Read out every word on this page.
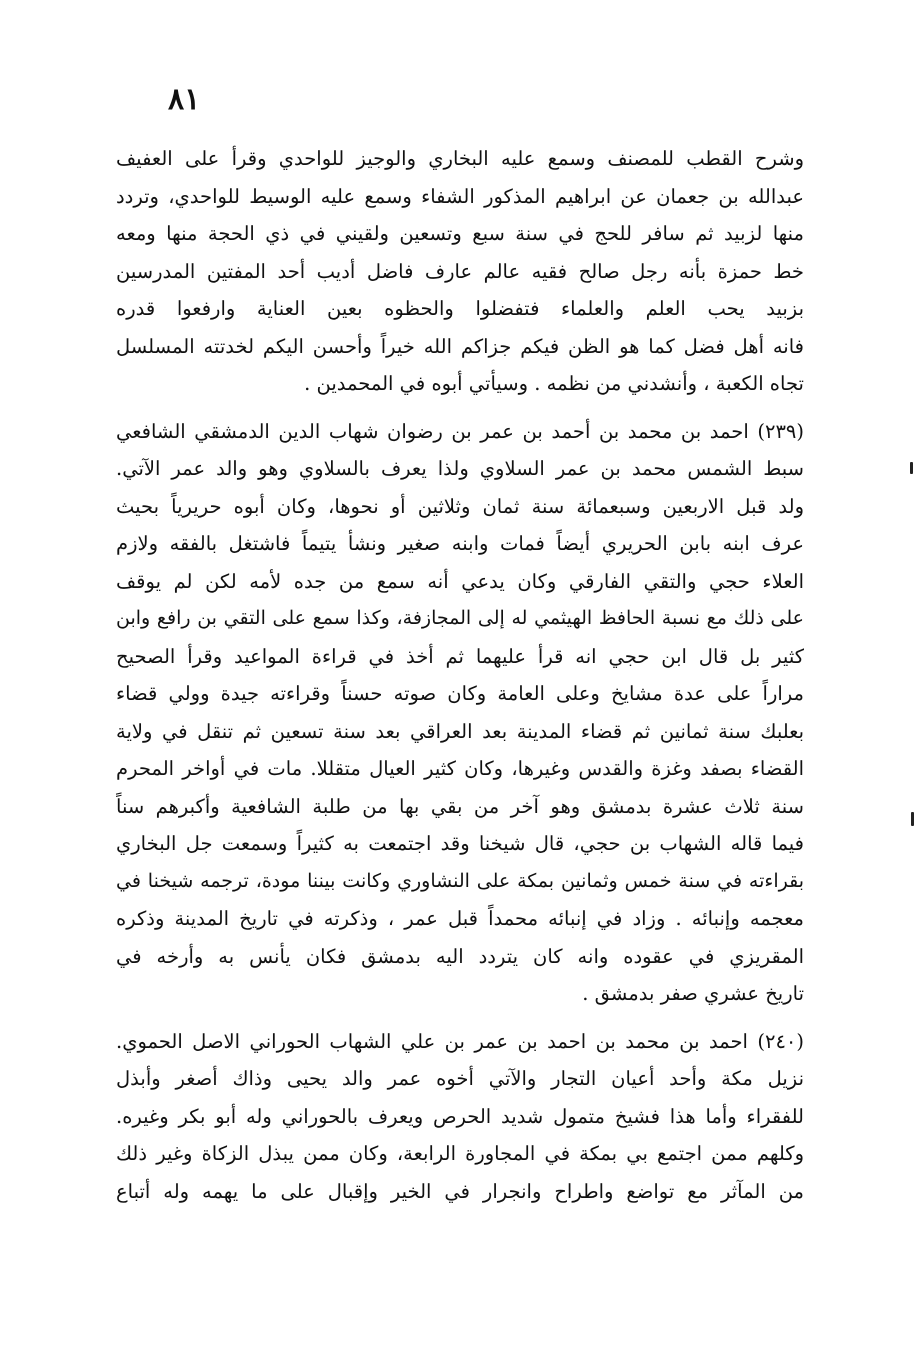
٨١
وشرح القطب للمصنف وسمع عليه البخاري والوجيز للواحدي وقرأ على العفيف
عبدالله بن جعمان عن ابراهيم المذكور الشفاء وسمع عليه الوسيط للواحدي، وتردد
منها لزبيد ثم سافر للحج في سنة سبع وتسعين ولقيني في ذي الحجة منها ومعه
خط حمزة بأنه رجل صالح فقيه عالم عارف فاضل أديب أحد المفتين المدرسين
بزبيد يحب العلم والعلماء فتفضلوا والحظوه بعين العناية وارفعوا قدره
فانه أهل فضل كما هو الظن فيكم جزاكم الله خيراً وأحسن اليكم لخدتته المسلسل
تجاه الكعبة ، وأنشدني من نظمه . وسيأتي أبوه في المحمدين .
(٢٣٩) احمد بن محمد بن أحمد بن عمر بن رضوان شهاب الدين الدمشقي الشافعي
سبط الشمس محمد بن عمر السلاوي ولذا يعرف بالسلاوي وهو والد عمر الآتي.
ولد قبل الاربعين وسبعمائة سنة ثمان وثلاثين أو نحوها، وكان أبوه حريرياً بحيث
عرف ابنه بابن الحريري أيضاً فمات وابنه صغير ونشأ يتيماً فاشتغل بالفقه ولازم
العلاء حجي والتقي الفارقي وكان يدعي أنه سمع من جده لأمه لكن لم يوقف
على ذلك مع نسبة الحافظ الهيثمي له إلى المجازفة، وكذا سمع على التقي بن رافع وابن
كثير بل قال ابن حجي انه قرأ عليهما ثم أخذ في قراءة المواعيد وقرأ الصحيح
مراراً على عدة مشايخ وعلى العامة وكان صوته حسناً وقراءته جيدة وولي قضاء
بعلبك سنة ثمانين ثم قضاء المدينة بعد العراقي بعد سنة تسعين ثم تنقل في ولاية
القضاء بصفد وغزة والقدس وغيرها، وكان كثير العيال متقللا. مات في أواخر المحرم
سنة ثلاث عشرة بدمشق وهو آخر من بقي بها من طلبة الشافعية وأكبرهم سناً
فيما قاله الشهاب بن حجي، قال شيخنا وقد اجتمعت به كثيراً وسمعت جل البخاري
بقراءته في سنة خمس وثمانين بمكة على النشاوري وكانت بيننا مودة، ترجمه شيخنا في
معجمه وإنبائه . وزاد في إنبائه محمداً قبل عمر ، وذكرته في تاريخ المدينة وذكره
المقريزي في عقوده وانه كان يتردد اليه بدمشق فكان يأنس به وأرخه في
تاريخ عشري صفر بدمشق .
(٢٤٠) احمد بن محمد بن احمد بن عمر بن علي الشهاب الحوراني الاصل الحموي.
نزيل مكة وأحد أعيان التجار والآتي أخوه عمر والد يحيى وذاك أصغر وأبذل
للفقراء وأما هذا فشيخ متمول شديد الحرص ويعرف بالحوراني وله أبو بكر وغيره.
وكلهم ممن اجتمع بي بمكة في المجاورة الرابعة، وكان ممن يبذل الزكاة وغير ذلك
من المآثر مع تواضع واطراح وانجرار في الخير وإقبال على ما يهمه وله أتباع
